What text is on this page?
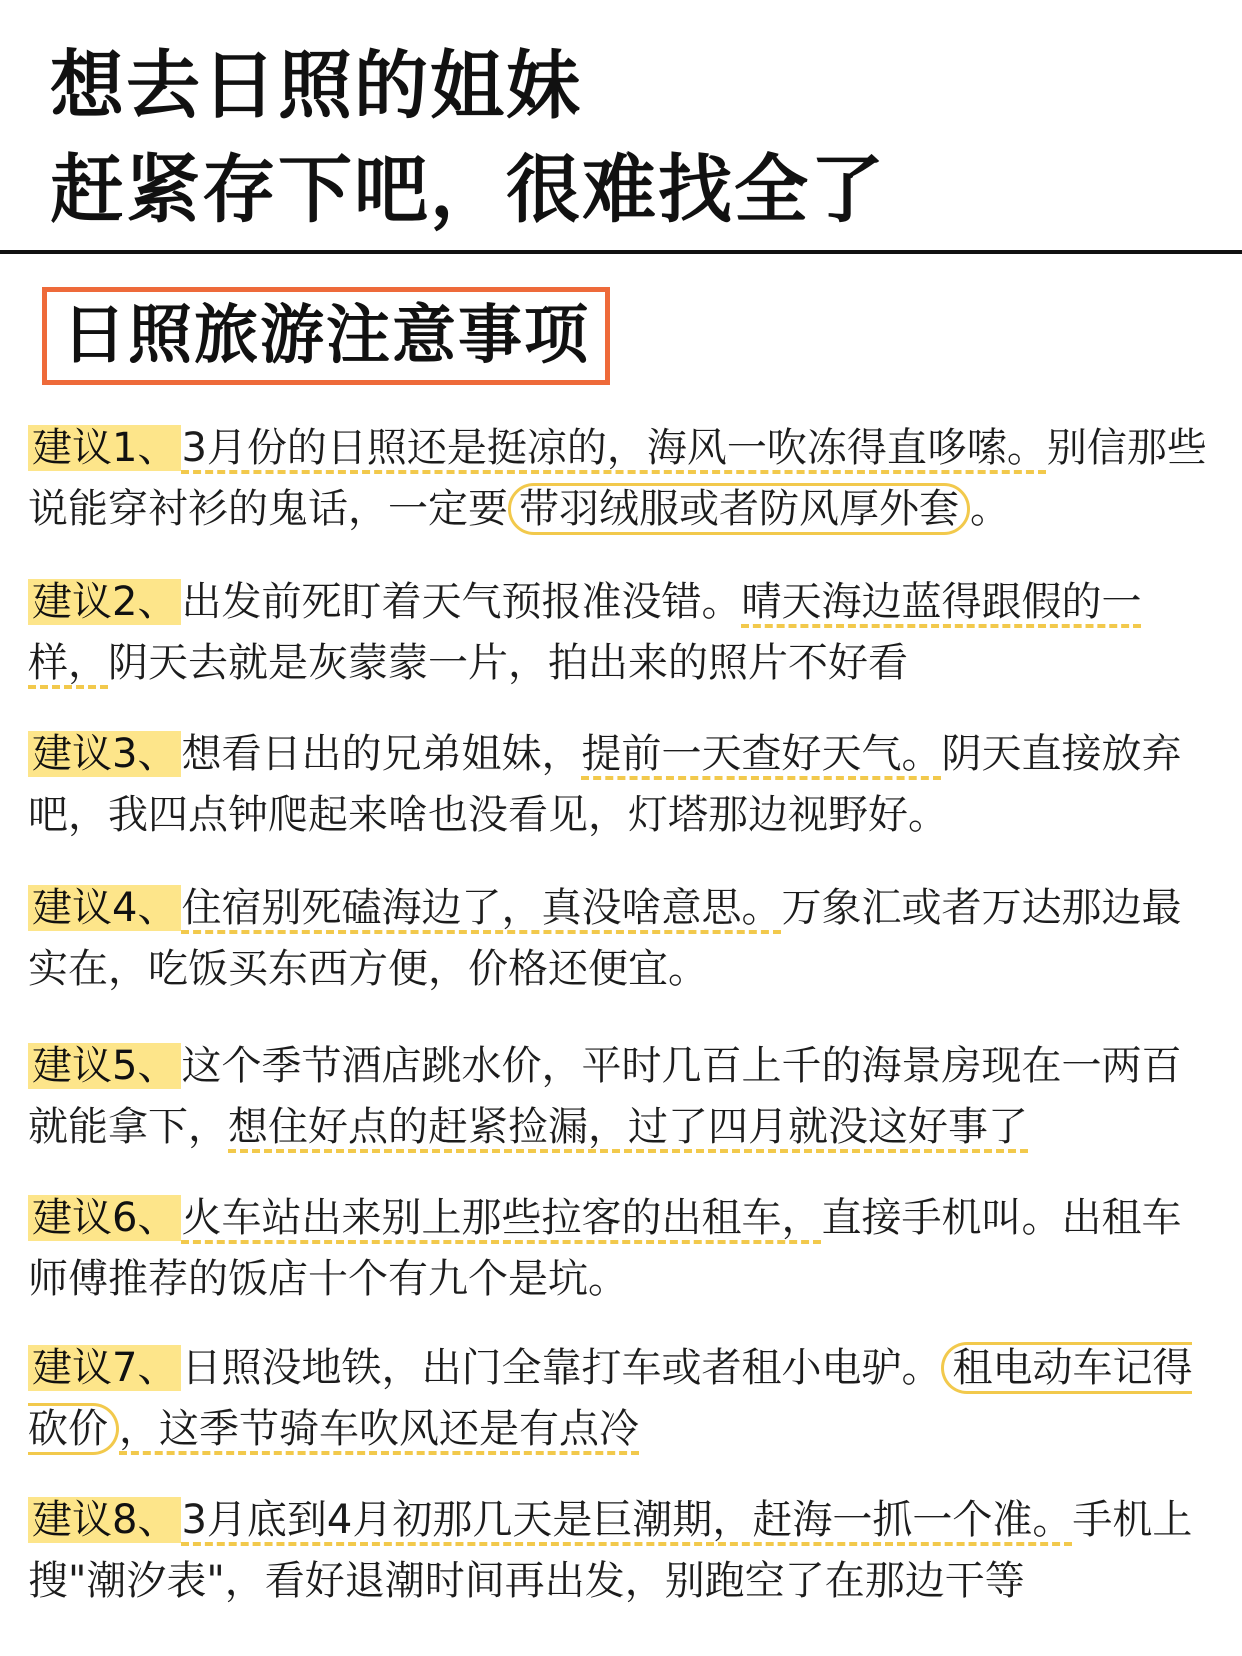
想去日照的姐妹
赶紧存下吧，很难找全了
日照旅游注意事项
建议1、 3月份的日照还是挺凉的，海风一吹冻得直哆嗦。别信那些说能穿衬衫的鬼话，一定要 带羽绒服或者防风厚外套 。
建议2、 出发前死盯着天气预报准没错。晴天海边蓝得跟假的一样，阴天去就是灰蒙蒙一片，拍出来的照片不好看
建议3、 想看日出的兄弟姐妹，提前一天查好天气。阴天直接放弃吧，我四点钟爬起来啥也没看见，灯塔那边视野好。
建议4、 住宿别死磕海边了，真没啥意思。万象汇或者万达那边最实在，吃饭买东西方便，价格还便宜。
建议5、 这个季节酒店跳水价，平时几百上千的海景房现在一两百就能拿下，想住好点的赶紧捡漏，过了四月就没这好事了
建议6、 火车站出来别上那些拉客的出租车，直接手机叫。出租车师傅推荐的饭店十个有九个是坑。
建议7、 日照没地铁，出门全靠打车或者租小电驴。 租电动车记得砍价 ，这季节骑车吹风还是有点冷
建议8、 3月底到4月初那几天是巨潮期，赶海一抓一个准。手机上搜"潮汐表"，看好退潮时间再出发，别跑空了在那边干等
